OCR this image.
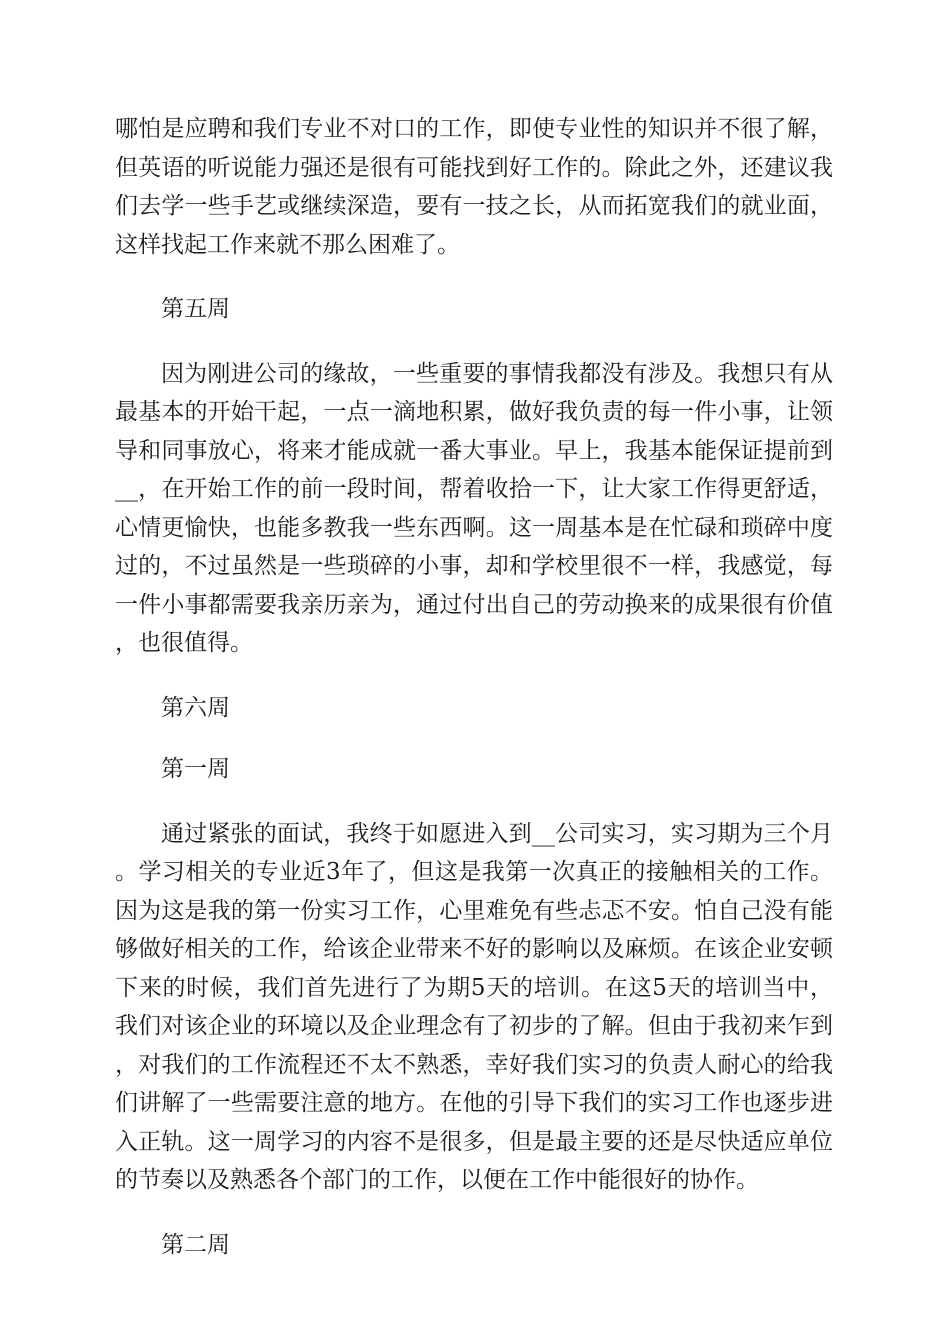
哪怕是应聘和我们专业不对口的工作，即使专业性的知识并不很了解，但英语的听说能力强还是很有可能找到好工作的。除此之外，还建议我们去学一些手艺或继续深造，要有一技之长，从而拓宽我们的就业面，这样找起工作来就不那么困难了。

第五周

因为刚进公司的缘故，一些重要的事情我都没有涉及。我想只有从最基本的开始干起，一点一滴地积累，做好我负责的每一件小事，让领导和同事放心，将来才能成就一番大事业。早上，我基本能保证提前到__，在开始工作的前一段时间，帮着收拾一下，让大家工作得更舒适，心情更愉快，也能多教我一些东西啊。这一周基本是在忙碌和琐碎中度过的，不过虽然是一些琐碎的小事，却和学校里很不一样，我感觉，每一件小事都需要我亲历亲为，通过付出自己的劳动换来的成果很有价值，也很值得。

第六周

第一周

通过紧张的面试，我终于如愿进入到__公司实习，实习期为三个月。学习相关的专业近3年了，但这是我第一次真正的接触相关的工作。因为这是我的第一份实习工作，心里难免有些忐忑不安。怕自己没有能够做好相关的工作，给该企业带来不好的影响以及麻烦。在该企业安顿下来的时候，我们首先进行了为期5天的培训。在这5天的培训当中，我们对该企业的环境以及企业理念有了初步的了解。但由于我初来乍到，对我们的工作流程还不太不熟悉，幸好我们实习的负责人耐心的给我们讲解了一些需要注意的地方。在他的引导下我们的实习工作也逐步进入正轨。这一周学习的内容不是很多，但是最主要的还是尽快适应单位的节奏以及熟悉各个部门的工作，以便在工作中能很好的协作。

第二周
